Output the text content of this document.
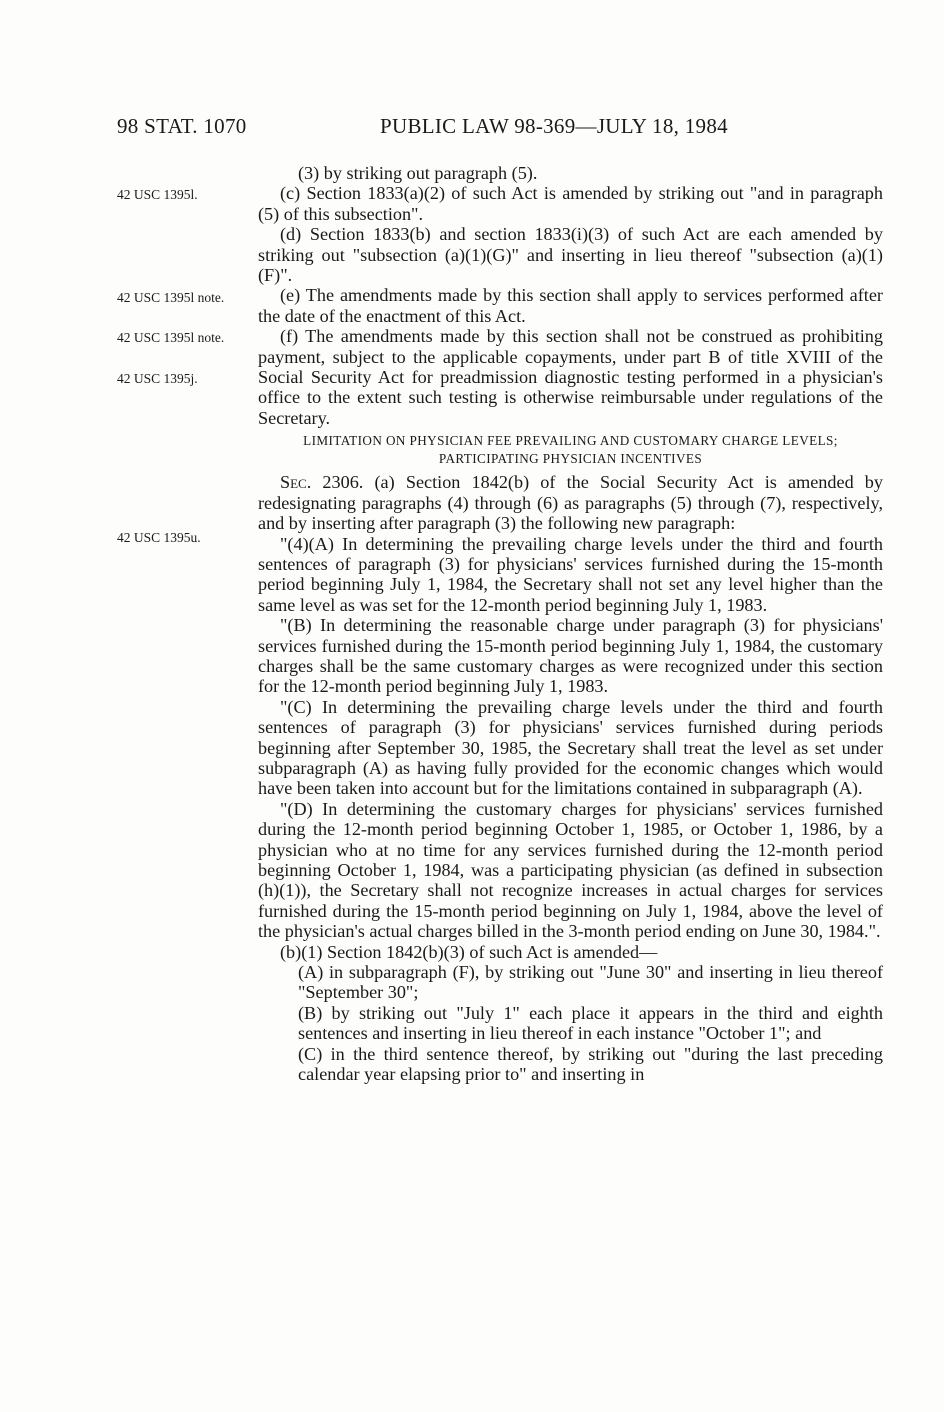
98 STAT. 1070	PUBLIC LAW 98-369—JULY 18, 1984
42 USC 1395l.
42 USC 1395l note.
42 USC 1395l note.
42 USC 1395j.
42 USC 1395u.

(3) by striking out paragraph (5).

(c) Section 1833(a)(2) of such Act is amended by striking out "and in paragraph (5) of this subsection".

(d) Section 1833(b) and section 1833(i)(3) of such Act are each amended by striking out "subsection (a)(1)(G)" and inserting in lieu thereof "subsection (a)(1)(F)".

(e) The amendments made by this section shall apply to services performed after the date of the enactment of this Act.

(f) The amendments made by this section shall not be construed as prohibiting payment, subject to the applicable copayments, under part B of title XVIII of the Social Security Act for preadmission diagnostic testing performed in a physician's office to the extent such testing is otherwise reimbursable under regulations of the Secretary.

LIMITATION ON PHYSICIAN FEE PREVAILING AND CUSTOMARY CHARGE LEVELS; PARTICIPATING PHYSICIAN INCENTIVES

Sec. 2306. (a) Section 1842(b) of the Social Security Act is amended by redesignating paragraphs (4) through (6) as paragraphs (5) through (7), respectively, and by inserting after paragraph (3) the following new paragraph:

"(4)(A) In determining the prevailing charge levels under the third and fourth sentences of paragraph (3) for physicians' services furnished during the 15-month period beginning July 1, 1984, the Secretary shall not set any level higher than the same level as was set for the 12-month period beginning July 1, 1983.

"(B) In determining the reasonable charge under paragraph (3) for physicians' services furnished during the 15-month period beginning July 1, 1984, the customary charges shall be the same customary charges as were recognized under this section for the 12-month period beginning July 1, 1983.

"(C) In determining the prevailing charge levels under the third and fourth sentences of paragraph (3) for physicians' services furnished during periods beginning after September 30, 1985, the Secretary shall treat the level as set under subparagraph (A) as having fully provided for the economic changes which would have been taken into account but for the limitations contained in subparagraph (A).

"(D) In determining the customary charges for physicians' services furnished during the 12-month period beginning October 1, 1985, or October 1, 1986, by a physician who at no time for any services furnished during the 12-month period beginning October 1, 1984, was a participating physician (as defined in subsection (h)(1)), the Secretary shall not recognize increases in actual charges for services furnished during the 15-month period beginning on July 1, 1984, above the level of the physician's actual charges billed in the 3-month period ending on June 30, 1984.".

(b)(1) Section 1842(b)(3) of such Act is amended—

(A) in subparagraph (F), by striking out "June 30" and inserting in lieu thereof "September 30";

(B) by striking out "July 1" each place it appears in the third and eighth sentences and inserting in lieu thereof in each instance "October 1"; and

(C) in the third sentence thereof, by striking out "during the last preceding calendar year elapsing prior to" and inserting in
